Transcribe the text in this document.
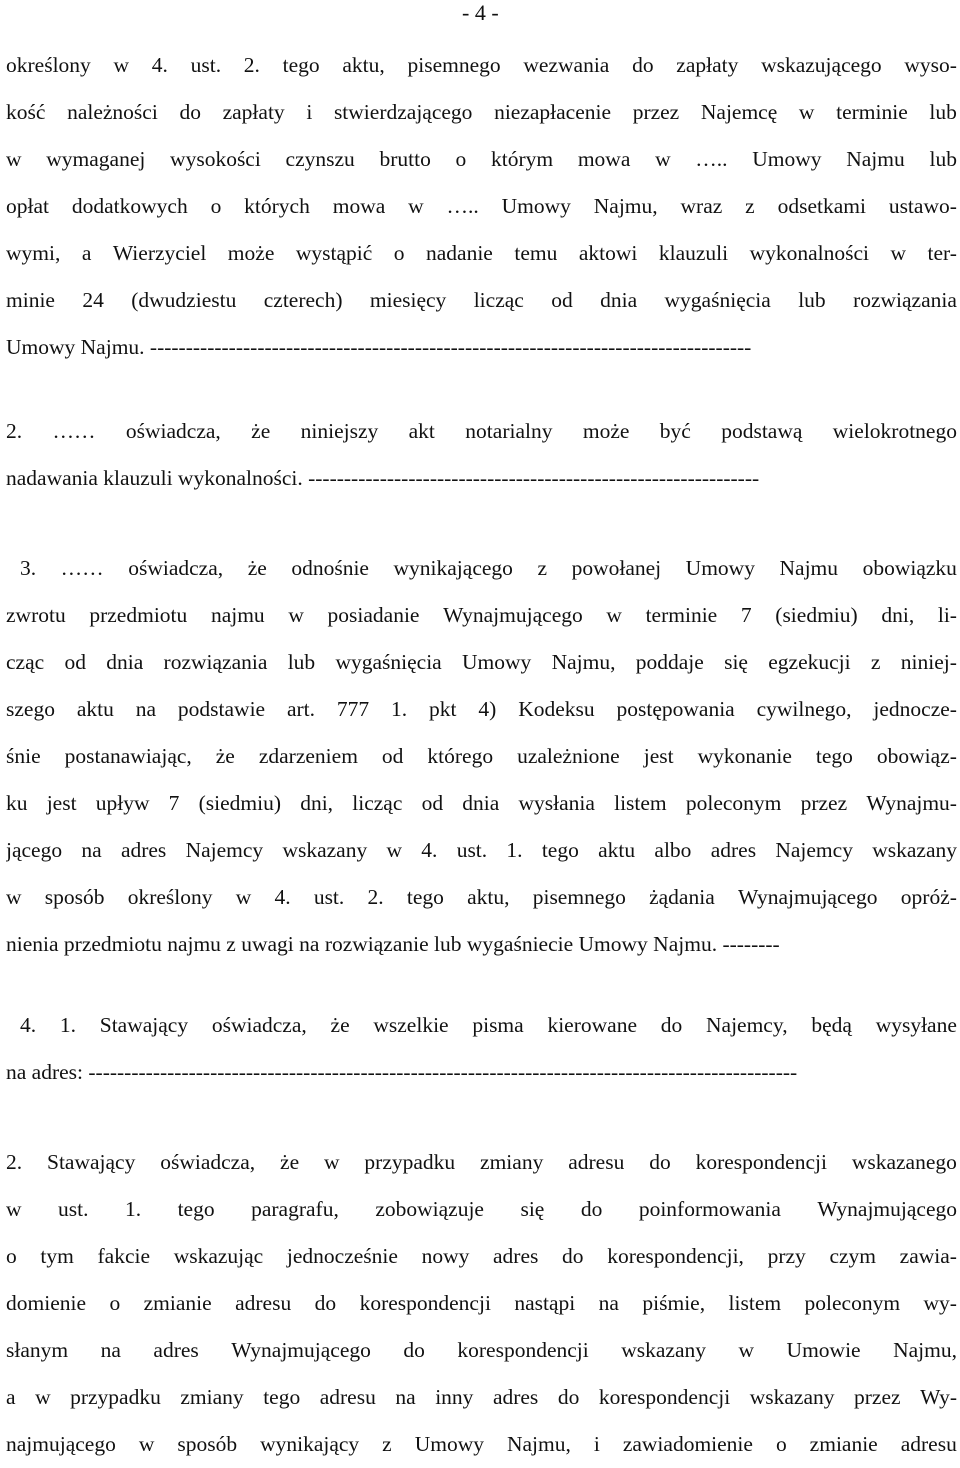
- 4 -
określony w 4. ust. 2. tego aktu, pisemnego wezwania do zapłaty wskazującego wyso-
kość należności do zapłaty i stwierdzającego niezapłacenie przez Najemcę w terminie lub
w wymaganej wysokości czynszu brutto o którym mowa w ….. Umowy Najmu lub
opłat dodatkowych o których mowa w ….. Umowy Najmu, wraz z odsetkami ustawo-
wymi, a Wierzyciel może wystąpić o nadanie temu aktowi klauzuli wykonalności w ter-
minie 24 (dwudziestu czterech) miesięcy licząc od dnia wygaśnięcia lub rozwiązania
Umowy Najmu. ------------------------------------------------------------------------------------
2. …… oświadcza, że niniejszy akt notarialny może być podstawą wielokrotnego
nadawania klauzuli wykonalności. ---------------------------------------------------------------
3. …… oświadcza, że odnośnie wynikającego z powołanej Umowy Najmu obowiązku
zwrotu przedmiotu najmu w posiadanie Wynajmującego w terminie 7 (siedmiu) dni, li-
cząc od dnia rozwiązania lub wygaśnięcia Umowy Najmu, poddaje się egzekucji z niniej-
szego aktu na podstawie art. 777 1. pkt 4) Kodeksu postępowania cywilnego, jednocze-
śnie postanawiając, że zdarzeniem od którego uzależnione jest wykonanie tego obowiąz-
ku jest upływ 7 (siedmiu) dni, licząc od dnia wysłania listem poleconym przez Wynajmu-
jącego na adres Najemcy wskazany w 4. ust. 1. tego aktu albo adres Najemcy wskazany
w sposób określony w 4. ust. 2. tego aktu, pisemnego żądania Wynajmującego opróż-
nienia przedmiotu najmu z uwagi na rozwiązanie lub wygaśniecie Umowy Najmu. --------
4. 1. Stawający oświadcza, że wszelkie pisma kierowane do Najemcy, będą wysyłane
na adres: ---------------------------------------------------------------------------------------------------
2. Stawający oświadcza, że w przypadku zmiany adresu do korespondencji wskazanego
w ust. 1. tego paragrafu, zobowiązuje się do poinformowania Wynajmującego
o tym fakcie wskazując jednocześnie nowy adres do korespondencji, przy czym zawia-
domienie o zmianie adresu do korespondencji nastąpi na piśmie, listem poleconym wy-
słanym na adres Wynajmującego do korespondencji wskazany w Umowie Najmu,
a w przypadku zmiany tego adresu na inny adres do korespondencji wskazany przez Wy-
najmującego w sposób wynikający z Umowy Najmu, i zawiadomienie o zmianie adresu
